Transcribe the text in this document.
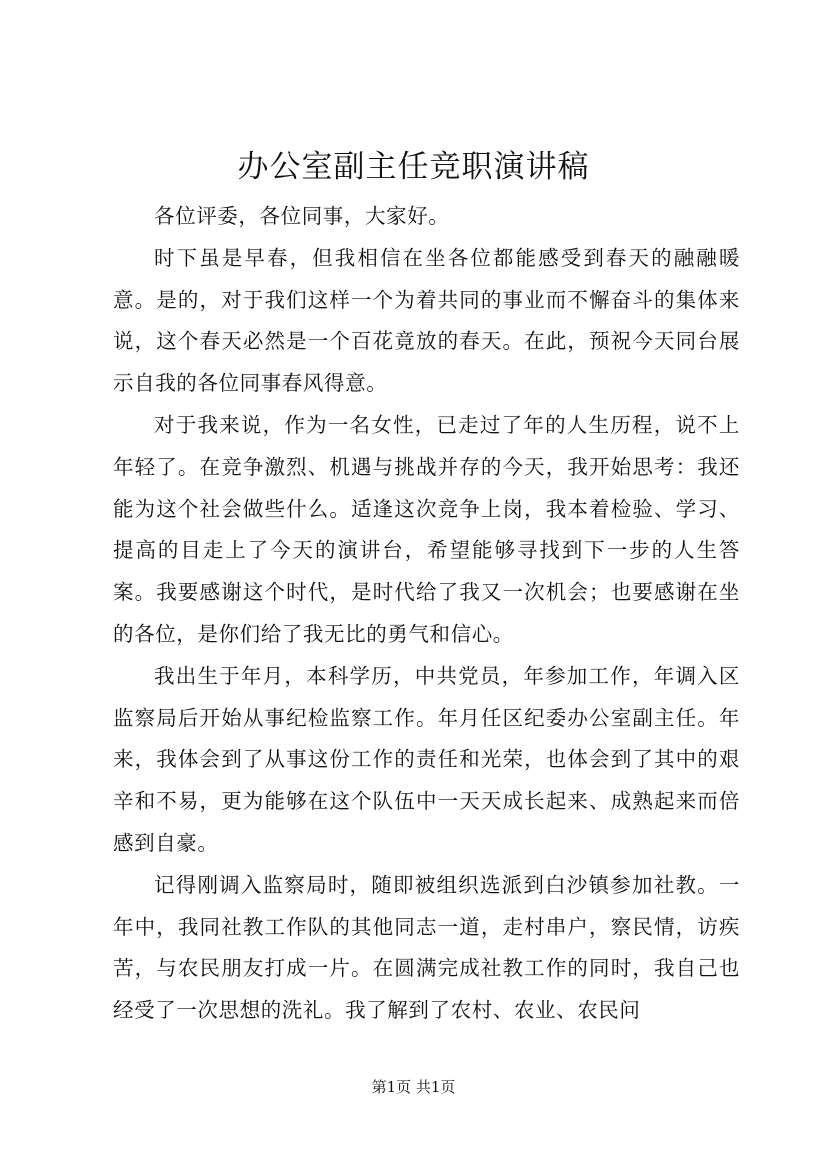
办公室副主任竞职演讲稿

各位评委，各位同事，大家好。

时下虽是早春，但我相信在坐各位都能感受到春天的融融暖意。是的，对于我们这样一个为着共同的事业而不懈奋斗的集体来说，这个春天必然是一个百花竟放的春天。在此，预祝今天同台展示自我的各位同事春风得意。

对于我来说，作为一名女性，已走过了年的人生历程，说不上年轻了。在竞争激烈、机遇与挑战并存的今天，我开始思考：我还能为这个社会做些什么。适逢这次竞争上岗，我本着检验、学习、提高的目走上了今天的演讲台，希望能够寻找到下一步的人生答案。我要感谢这个时代，是时代给了我又一次机会；也要感谢在坐的各位，是你们给了我无比的勇气和信心。

我出生于年月，本科学历，中共党员，年参加工作，年调入区监察局后开始从事纪检监察工作。年月任区纪委办公室副主任。年来，我体会到了从事这份工作的责任和光荣，也体会到了其中的艰辛和不易，更为能够在这个队伍中一天天成长起来、成熟起来而倍感到自豪。

记得刚调入监察局时，随即被组织选派到白沙镇参加社教。一年中，我同社教工作队的其他同志一道，走村串户，察民情，访疾苦，与农民朋友打成一片。在圆满完成社教工作的同时，我自己也经受了一次思想的洗礼。我了解到了农村、农业、农民问

第1页 共1页
